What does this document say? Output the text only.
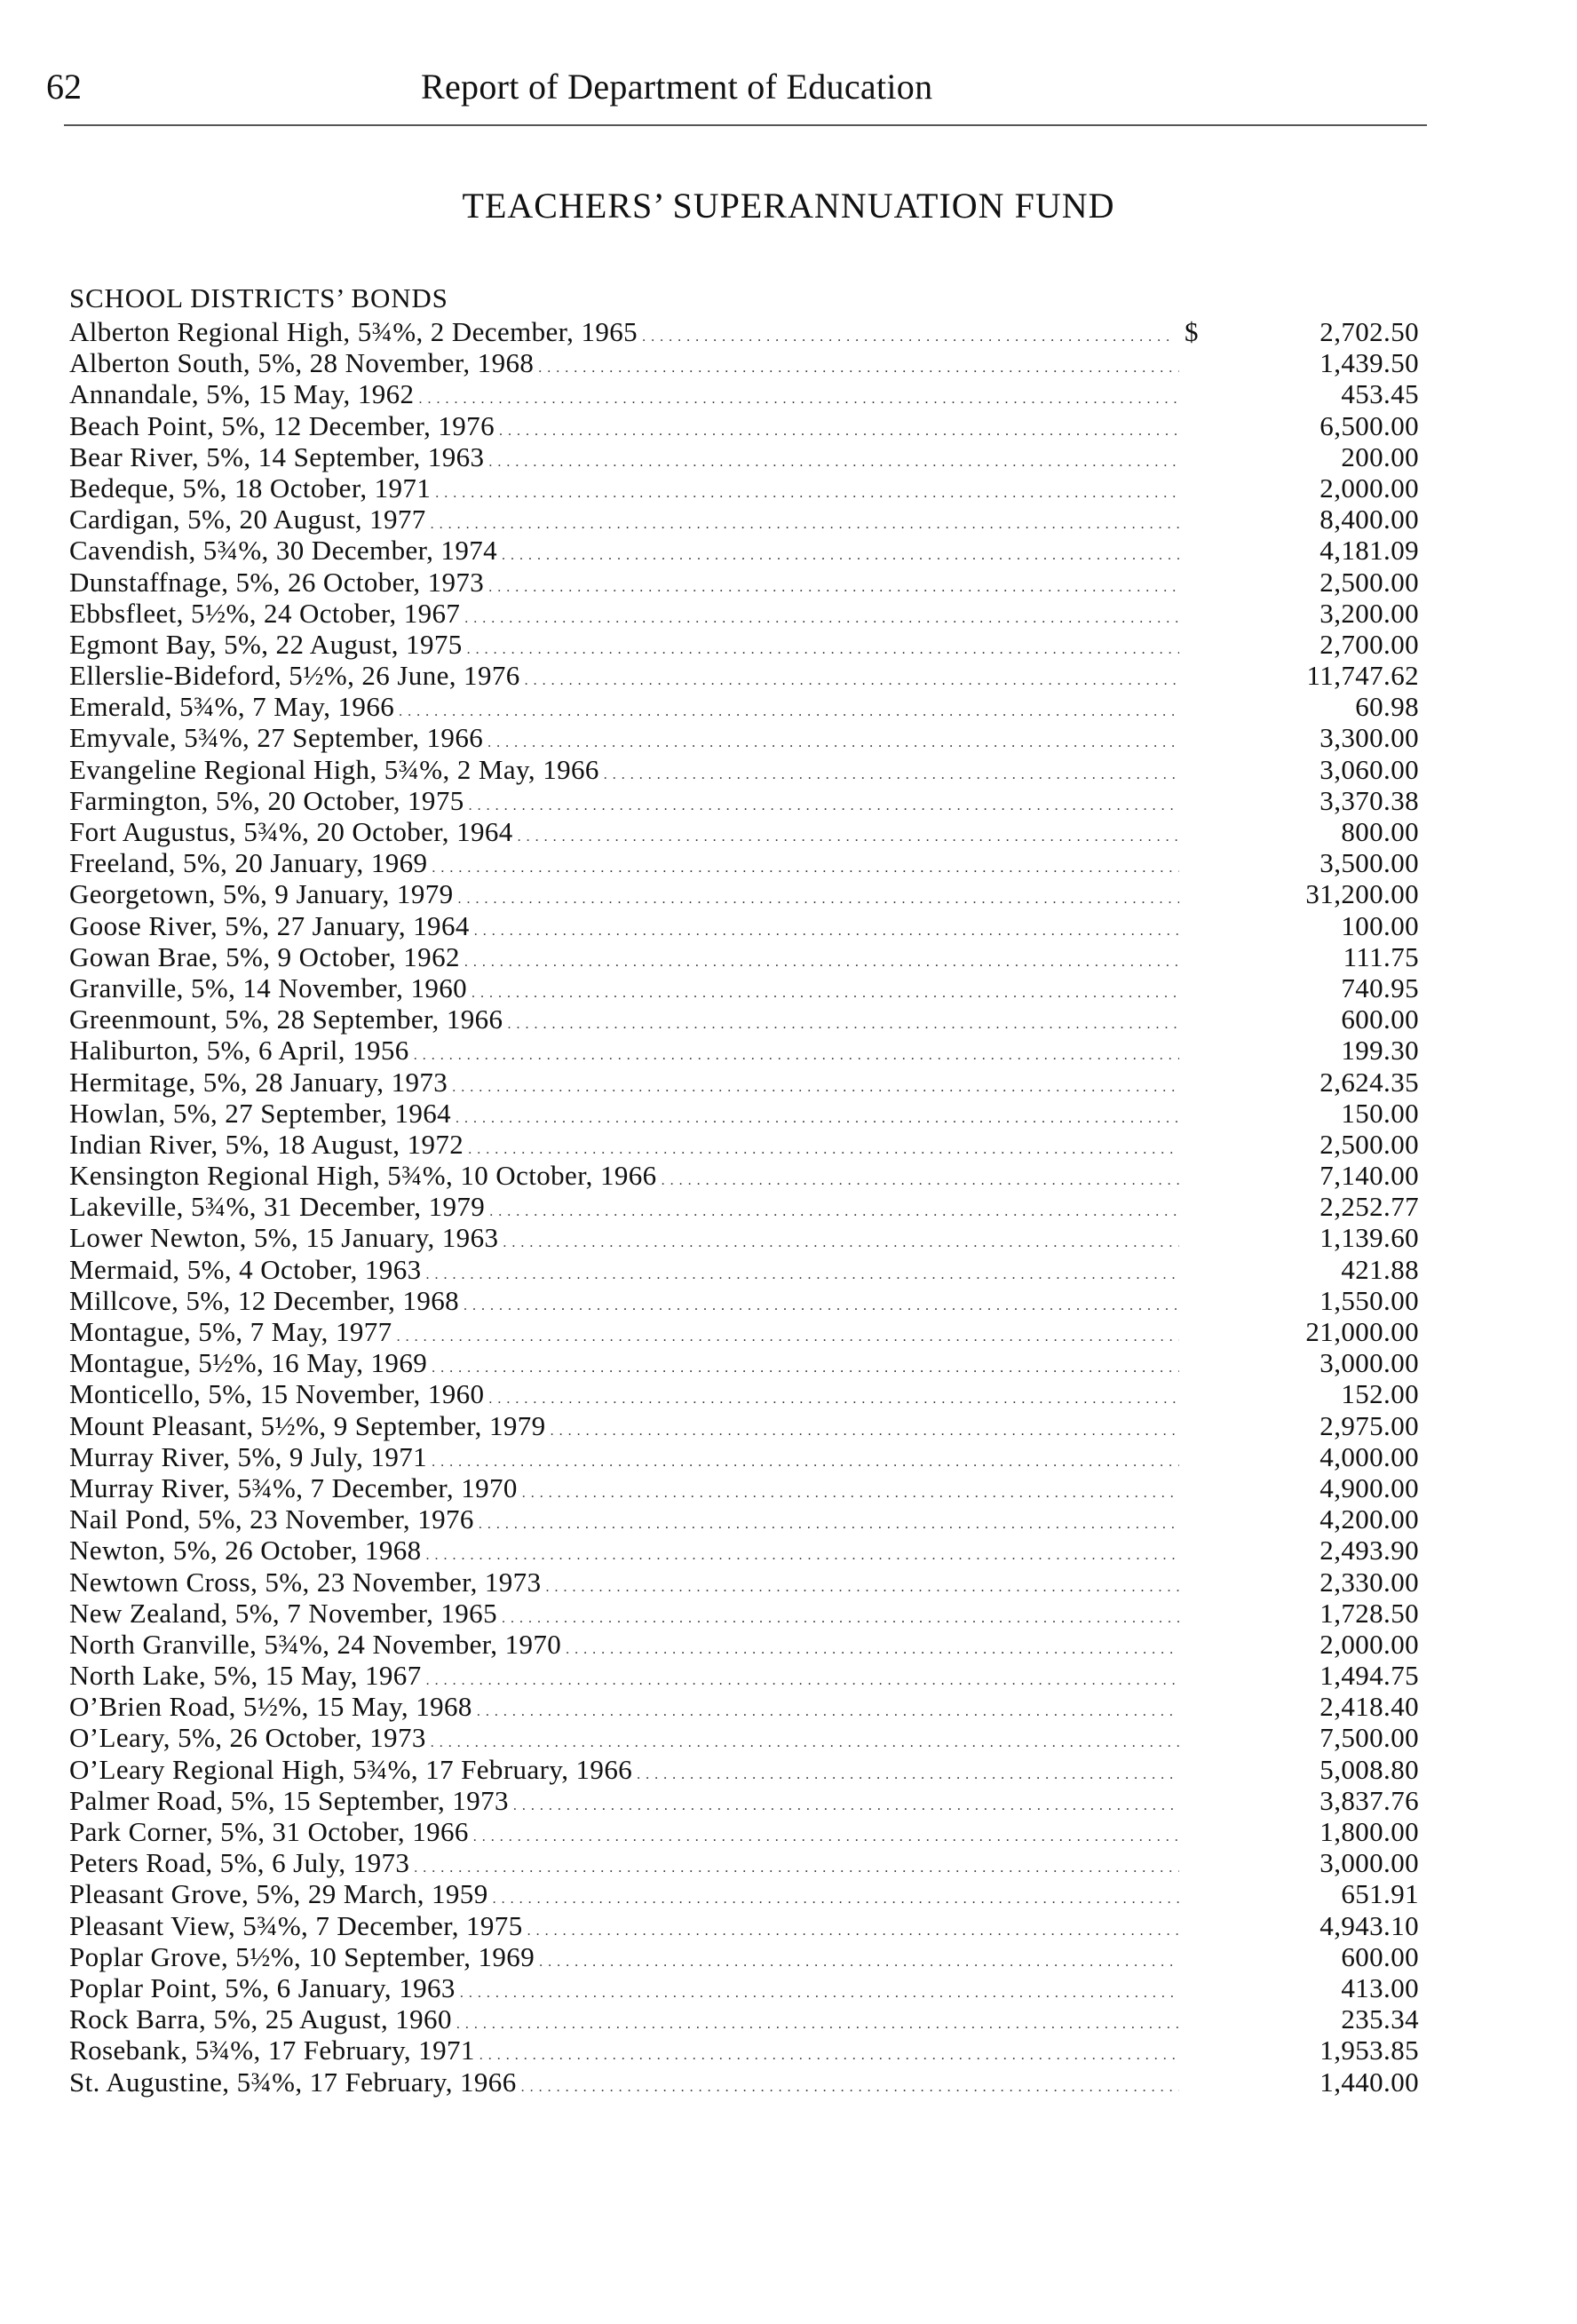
62	Report of Department of Education
TEACHERS’ SUPERANNUATION FUND
SCHOOL DISTRICTS’ BONDS
Alberton Regional High, 5¾%, 2 December, 1965 . . .	$	2,702.50
Alberton South, 5%, 28 November, 1968 . . .	1,439.50
Annandale, 5%, 15 May, 1962 . . .	453.45
Beach Point, 5%, 12 December, 1976 . . .	6,500.00
Bear River, 5%, 14 September, 1963 . . .	200.00
Bedeque, 5%, 18 October, 1971 . . .	2,000.00
Cardigan, 5%, 20 August, 1977 . . .	8,400.00
Cavendish, 5¾%, 30 December, 1974 . . .	4,181.09
Dunstaffnage, 5%, 26 October, 1973 . . .	2,500.00
Ebbsfleet, 5½%, 24 October, 1967 . . .	3,200.00
Egmont Bay, 5%, 22 August, 1975 . . .	2,700.00
Ellerslie-Bideford, 5½%, 26 June, 1976 . . .	11,747.62
Emerald, 5¾%, 7 May, 1966 . . .	60.98
Emyvale, 5¾%, 27 September, 1966 . . .	3,300.00
Evangeline Regional High, 5¾%, 2 May, 1966 . . .	3,060.00
Farmington, 5%, 20 October, 1975 . . .	3,370.38
Fort Augustus, 5¾%, 20 October, 1964 . . .	800.00
Freeland, 5%, 20 January, 1969 . . .	3,500.00
Georgetown, 5%, 9 January, 1979 . . .	31,200.00
Goose River, 5%, 27 January, 1964 . . .	100.00
Gowan Brae, 5%, 9 October, 1962 . . .	111.75
Granville, 5%, 14 November, 1960 . . .	740.95
Greenmount, 5%, 28 September, 1966 . . .	600.00
Haliburton, 5%, 6 April, 1956 . . .	199.30
Hermitage, 5%, 28 January, 1973 . . .	2,624.35
Howlan, 5%, 27 September, 1964 . . .	150.00
Indian River, 5%, 18 August, 1972 . . .	2,500.00
Kensington Regional High, 5¾%, 10 October, 1966 . . .	7,140.00
Lakeville, 5¾%, 31 December, 1979 . . .	2,252.77
Lower Newton, 5%, 15 January, 1963 . . .	1,139.60
Mermaid, 5%, 4 October, 1963 . . .	421.88
Millcove, 5%, 12 December, 1968 . . .	1,550.00
Montague, 5%, 7 May, 1977 . . .	21,000.00
Montague, 5½%, 16 May, 1969 . . .	3,000.00
Monticello, 5%, 15 November, 1960 . . .	152.00
Mount Pleasant, 5½%, 9 September, 1979 . . .	2,975.00
Murray River, 5%, 9 July, 1971 . . .	4,000.00
Murray River, 5¾%, 7 December, 1970 . . .	4,900.00
Nail Pond, 5%, 23 November, 1976 . . .	4,200.00
Newton, 5%, 26 October, 1968 . . .	2,493.90
Newtown Cross, 5%, 23 November, 1973 . . .	2,330.00
New Zealand, 5%, 7 November, 1965 . . .	1,728.50
North Granville, 5¾%, 24 November, 1970 . . .	2,000.00
North Lake, 5%, 15 May, 1967 . . .	1,494.75
O’Brien Road, 5½%, 15 May, 1968 . . .	2,418.40
O’Leary, 5%, 26 October, 1973 . . .	7,500.00
O’Leary Regional High, 5¾%, 17 February, 1966 . . .	5,008.80
Palmer Road, 5%, 15 September, 1973 . . .	3,837.76
Park Corner, 5%, 31 October, 1966 . . .	1,800.00
Peters Road, 5%, 6 July, 1973 . . .	3,000.00
Pleasant Grove, 5%, 29 March, 1959 . . .	651.91
Pleasant View, 5¾%, 7 December, 1975 . . .	4,943.10
Poplar Grove, 5½%, 10 September, 1969 . . .	600.00
Poplar Point, 5%, 6 January, 1963 . . .	413.00
Rock Barra, 5%, 25 August, 1960 . . .	235.34
Rosebank, 5¾%, 17 February, 1971 . . .	1,953.85
St. Augustine, 5¾%, 17 February, 1966 . . .	1,440.00
